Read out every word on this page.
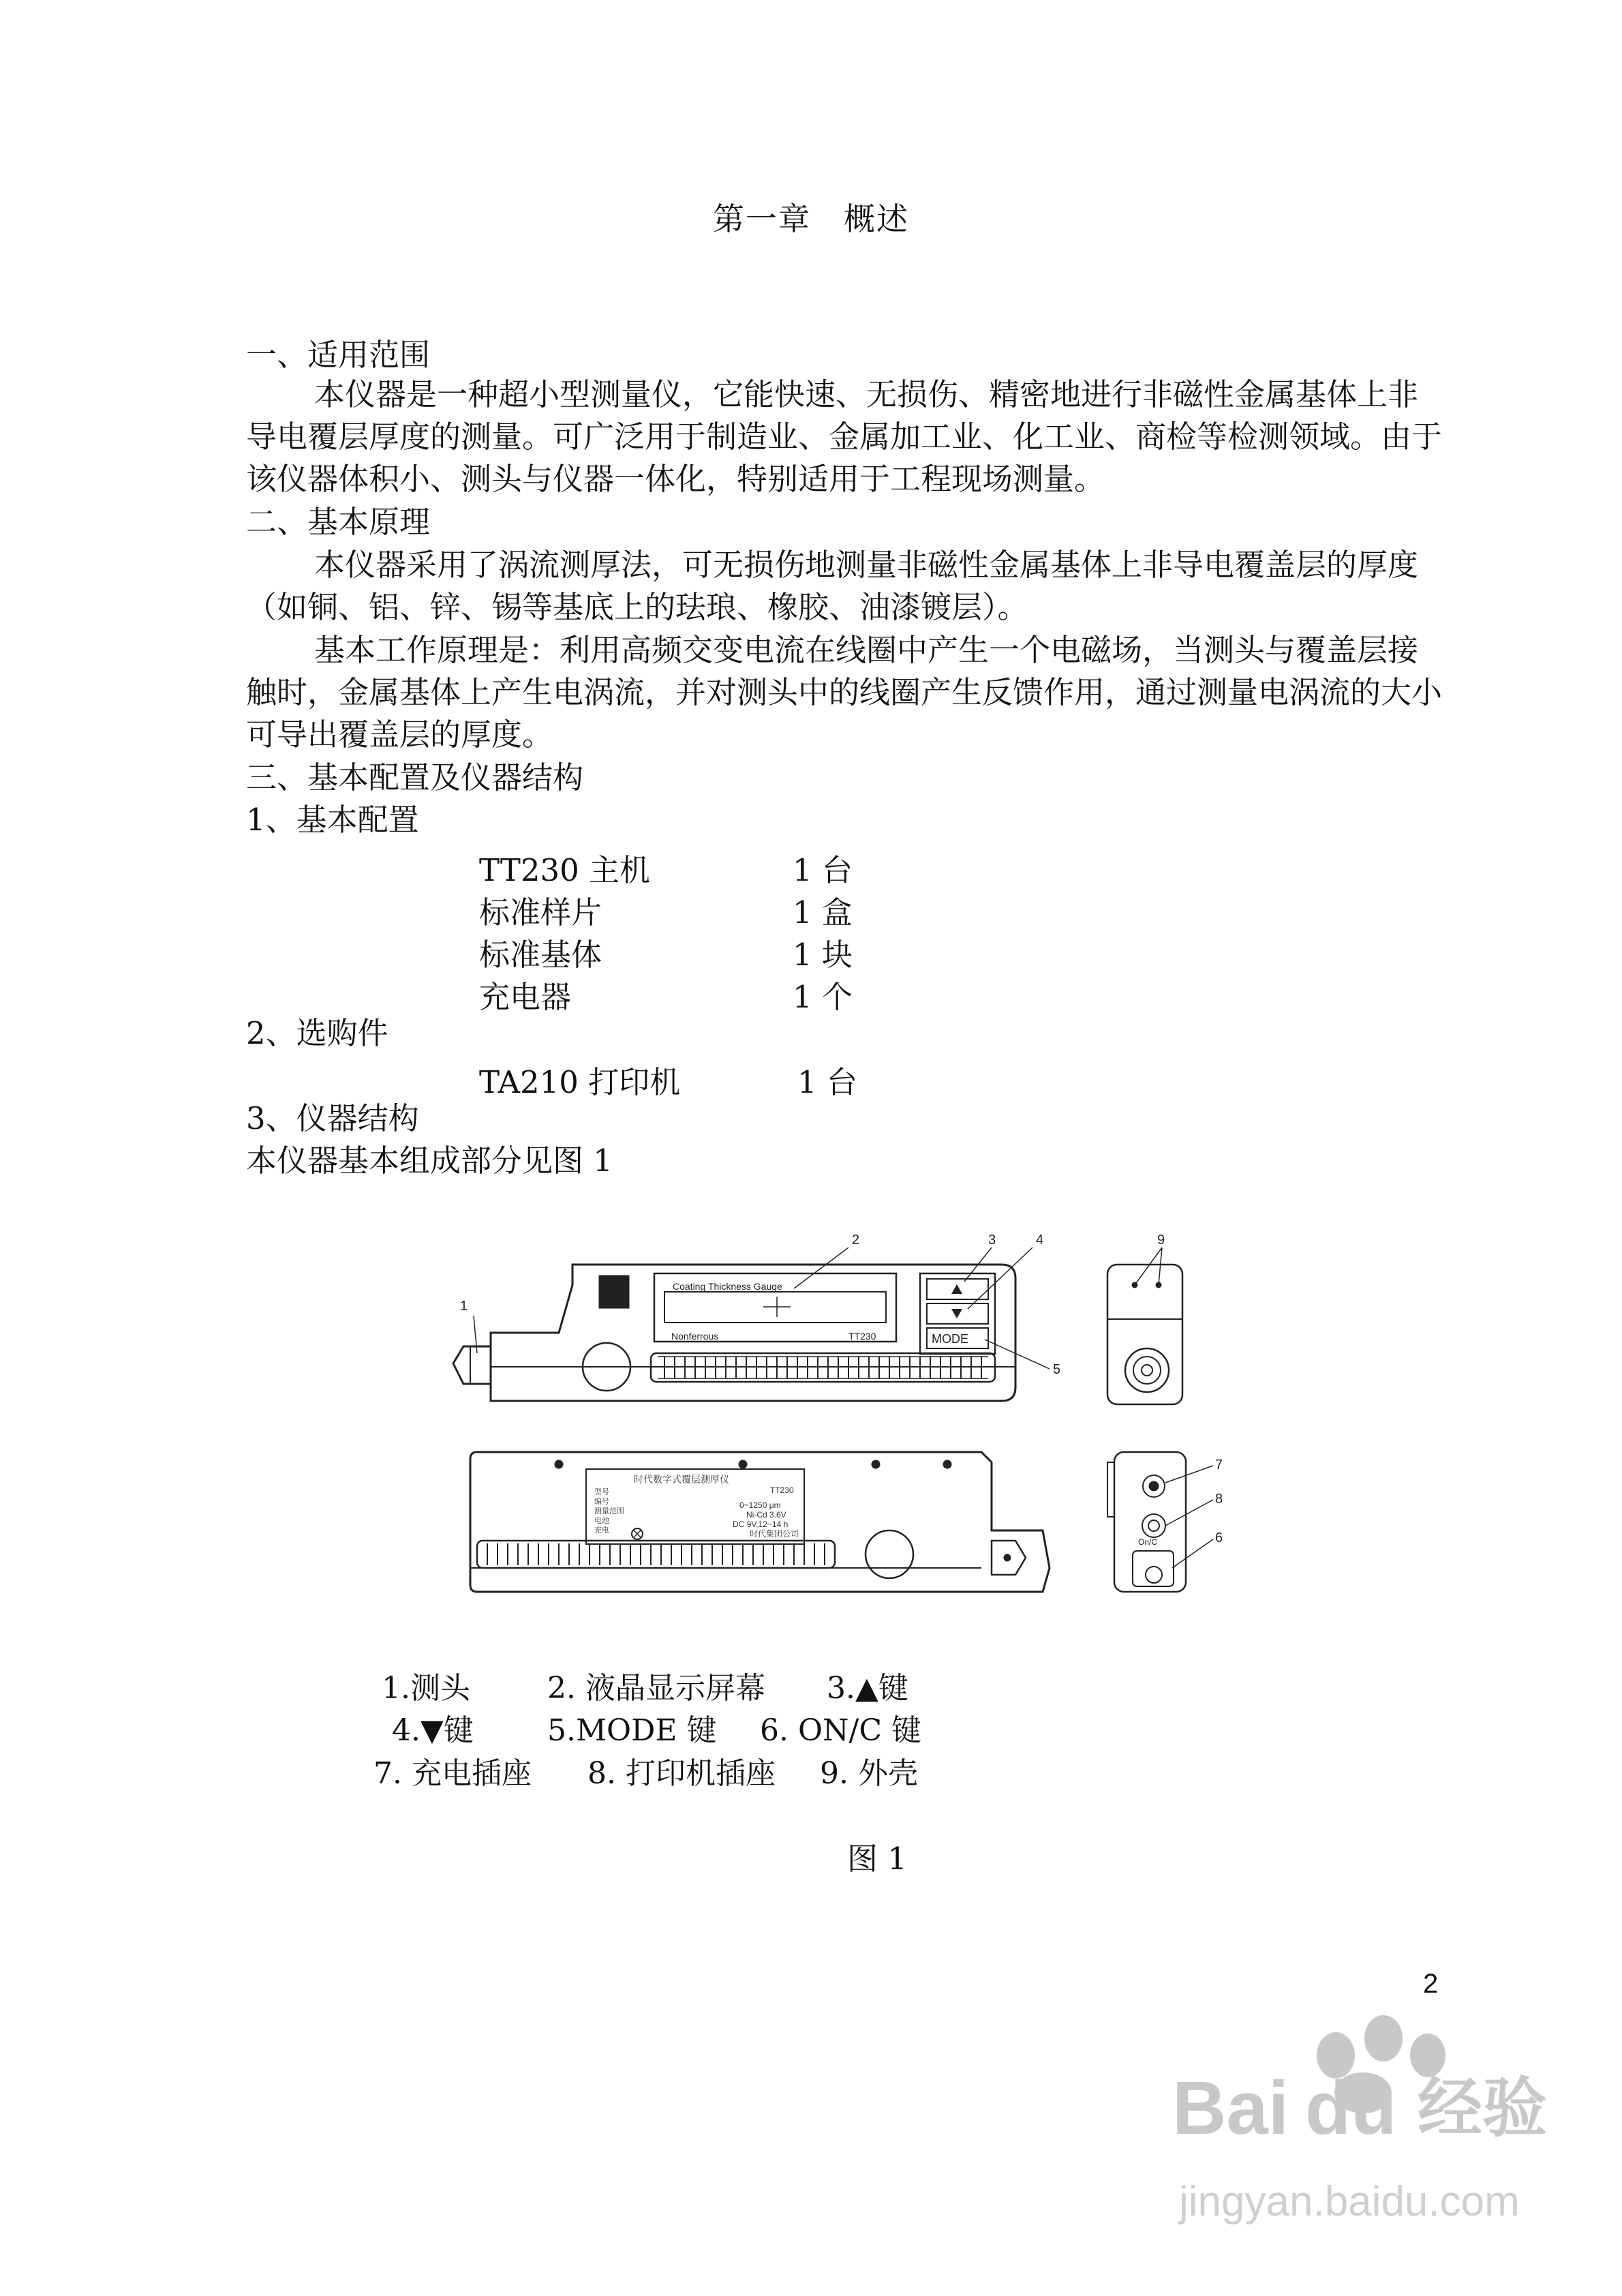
第一章　概述
一、适用范围
本仪器是一种超小型测量仪，它能快速、无损伤、精密地进行非磁性金属基体上非导电覆层厚度的测量。可广泛用于制造业、金属加工业、化工业、商检等检测领域。由于该仪器体积小、测头与仪器一体化，特别适用于工程现场测量。
二、基本原理
本仪器采用了涡流测厚法，可无损伤地测量非磁性金属基体上非导电覆盖层的厚度（如铜、铝、锌、锡等基底上的珐琅、橡胶、油漆镀层）。
基本工作原理是：利用高频交变电流在线圈中产生一个电磁场，当测头与覆盖层接触时，金属基体上产生电涡流，并对测头中的线圈产生反馈作用，通过测量电涡流的大小可导出覆盖层的厚度。
三、基本配置及仪器结构
1、基本配置
TT230 主机	1 台
标准样片	1 盒
标准基体	1 块
充电器	1 个
2、选购件
TA210 打印机	1 台
3、仪器结构
本仪器基本组成部分见图 1
Coating Thickness Gauge
Nonferrous	TT230	MODE
时代数字式覆层测厚仪
TT230
型号
编号
测量范围
0~1250 μm
电池
Ni-Cd 3.6V
充电
DC 9V,12~14 h
时代集团公司
On/C
1
2	3	4
5
6
7
8
9
1.测头	2. 液晶显示屏幕 3.▲键
4.▼键 5.MODE 键 6. ON/C 键
7. 充电插座 8. 打印机插座 9. 外壳
图 1
2
Bai du 经验
jingyan.baidu.com
